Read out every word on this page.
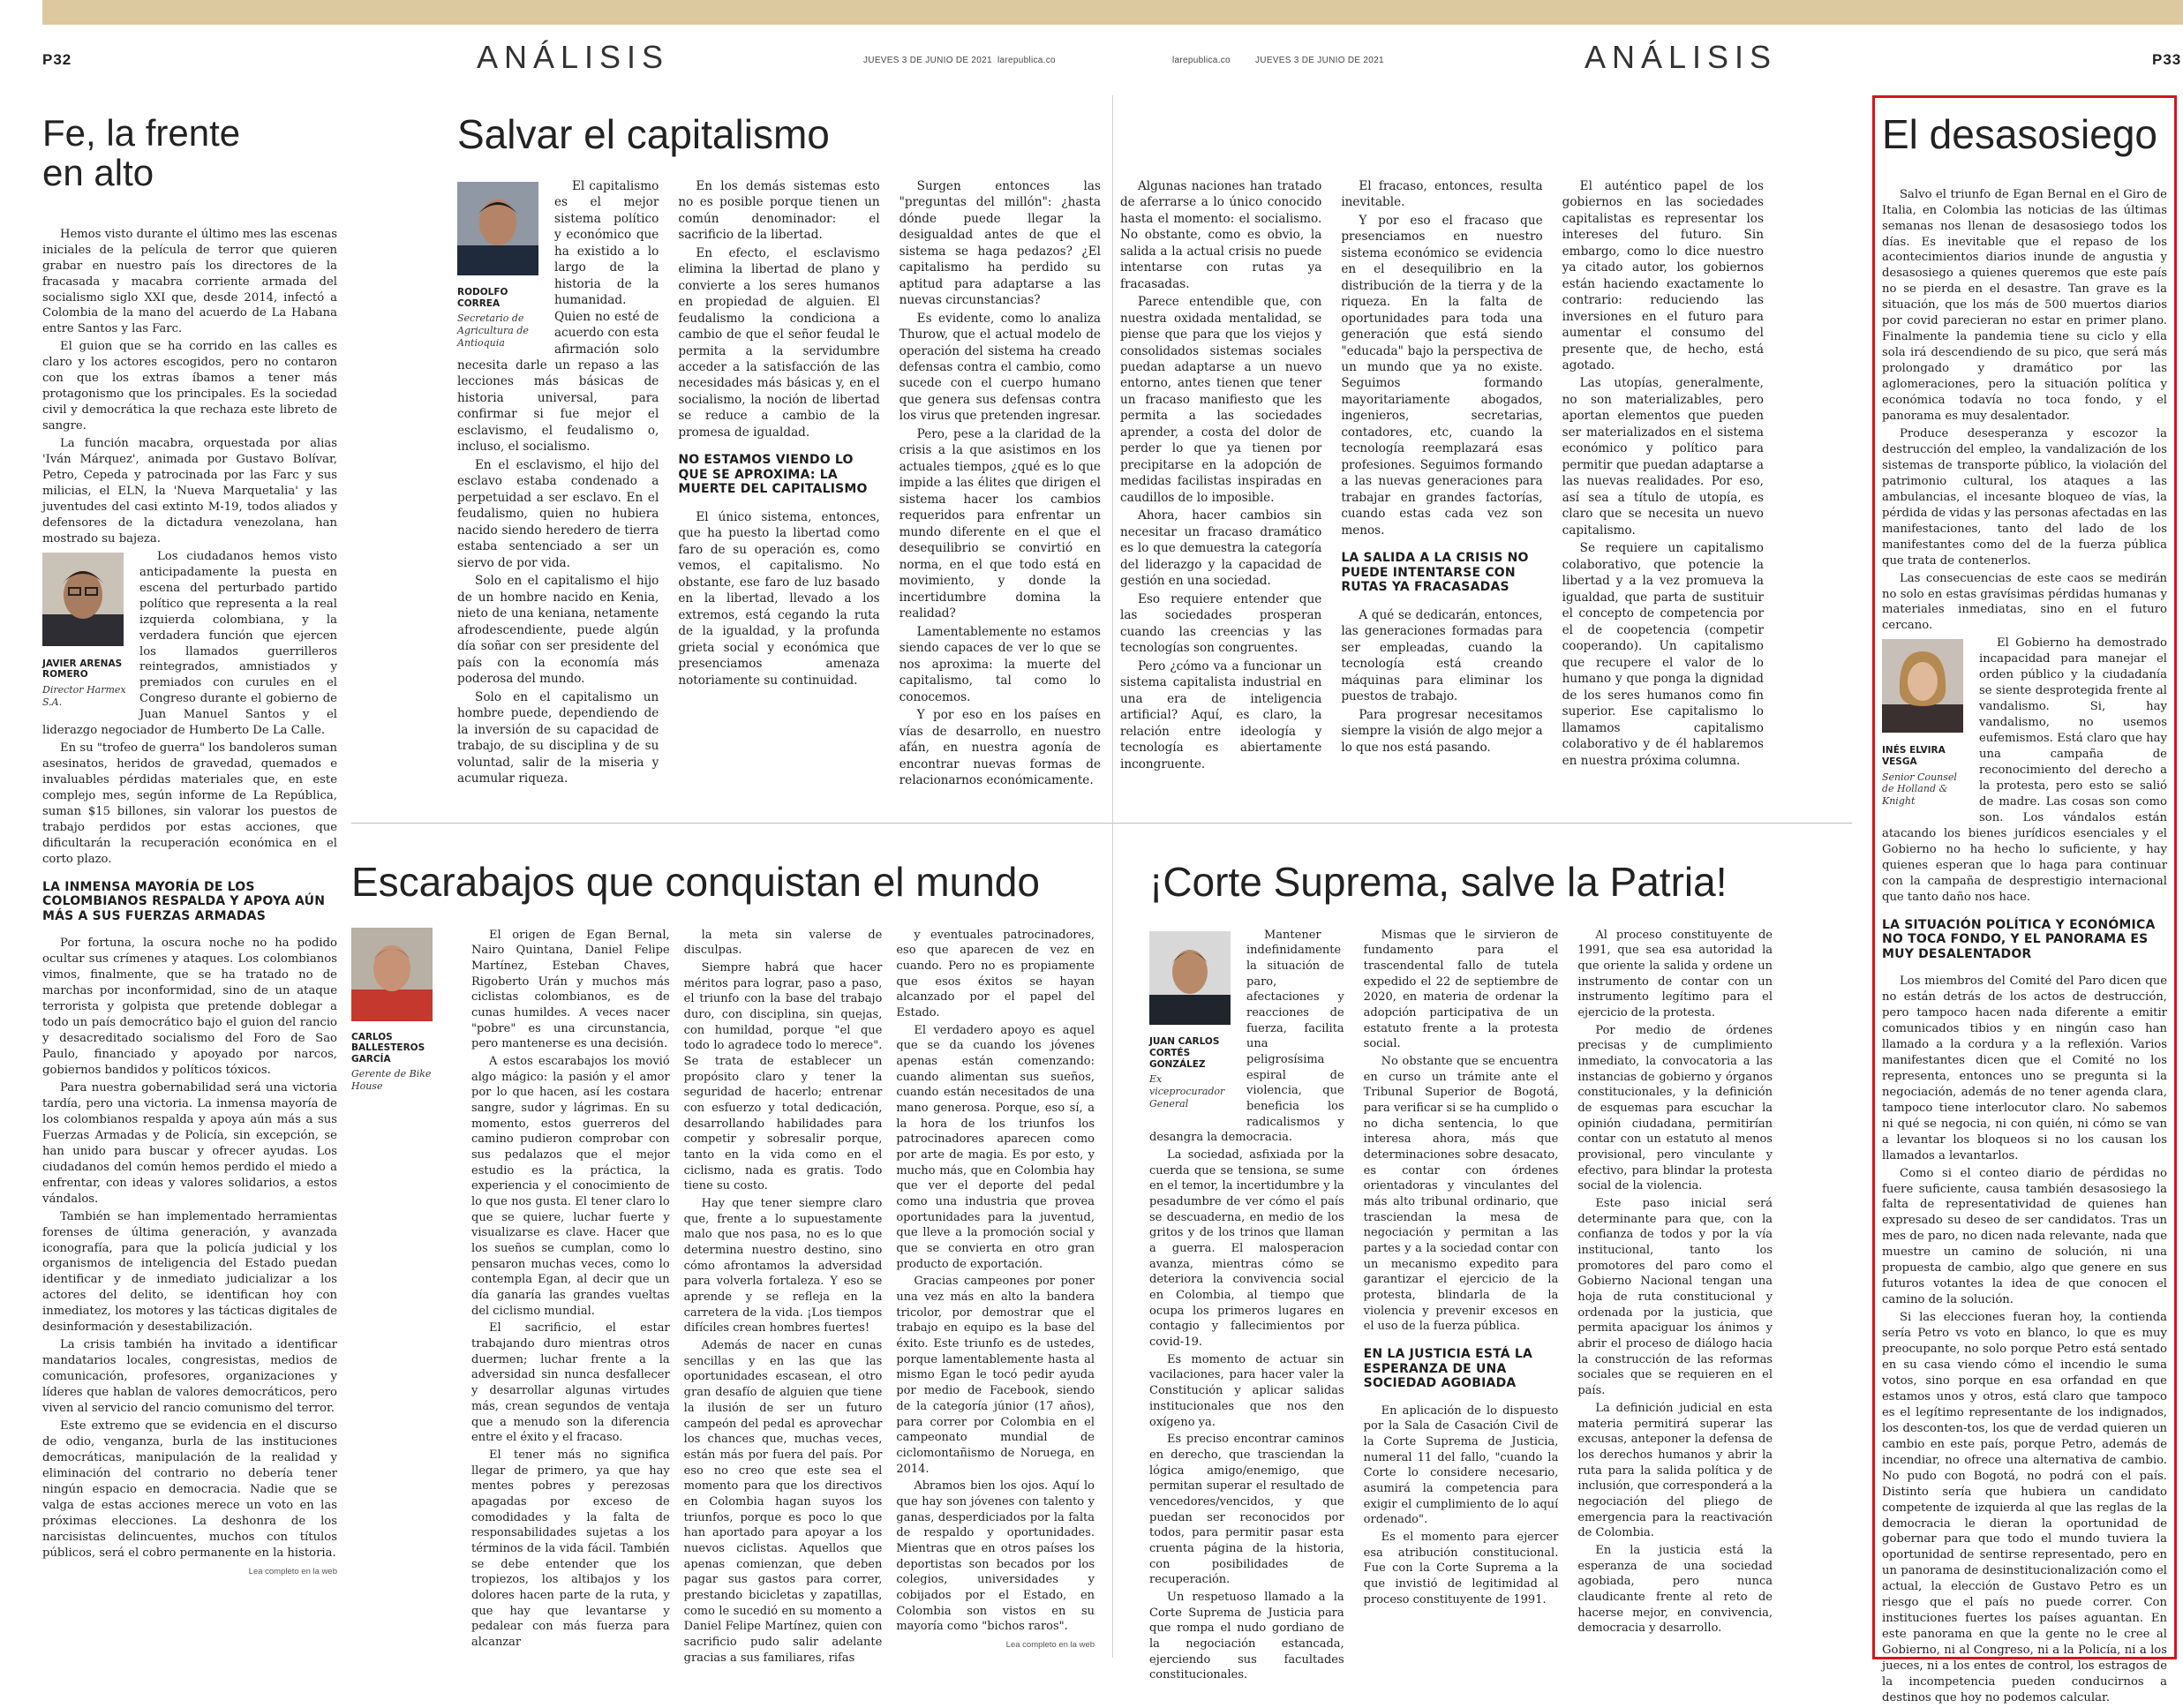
P32	ANÁLISIS	JUEVES 3 DE JUNIO DE 2021 larepublica.co	larepublica.co	JUEVES 3 DE JUNIO DE 2021	ANÁLISIS	P33
Fe, la frente en alto

Hemos visto durante el último mes las escenas iniciales de la película de terror que quieren grabar en nuestro país los directores de la fracasada y macabra corriente armada del socialismo siglo XXI que, desde 2014, infectó a Colombia de la mano del acuerdo de La Habana entre Santos y las Farc.

El guion que se ha corrido en las calles es claro y los actores escogidos, pero no contaron con que los extras íbamos a tener más protagonismo que los principales. Es la sociedad civil y democrática la que rechaza este libreto de sangre.

La función macabra, orquestada por alias 'Iván Márquez', animada por Gustavo Bolívar, Petro, Cepeda y patrocinada por las Farc y sus milicias, el ELN, la 'Nueva Marquetalia' y las juventudes del casi extinto M-19, todos aliados y defensores de la dictadura venezolana, han mostrado su bajeza.

JAVIER ARENAS ROMERO
Director Harmex S.A.

Los ciudadanos hemos visto anticipadamente la puesta en escena del perturbado partido político que representa a la real izquierda colombiana, y la verdadera función que ejercen los llamados guerrilleros reintegrados, amnistiados y premiados con curules en el Congreso durante el gobierno de Juan Manuel Santos y el liderazgo negociador de Humberto De La Calle.

En su "trofeo de guerra" los bandoleros suman asesinatos, heridos de gravedad, quemados e invaluables pérdidas materiales que, en este complejo mes, según informe de La República, suman $15 billones, sin valorar los puestos de trabajo perdidos por estas acciones, que dificultarán la recuperación económica en el corto plazo.

LA INMENSA MAYORÍA DE LOS COLOMBIANOS RESPALDA Y APOYA AÚN MÁS A SUS FUERZAS ARMADAS

Por fortuna, la oscura noche no ha podido ocultar sus crímenes y ataques. Los colombianos vimos, finalmente, que se ha tratado no de marchas por inconformidad, sino de un ataque terrorista y golpista que pretende doblegar a todo un país democrático bajo el guion del rancio y desacreditado socialismo del Foro de Sao Paulo, financiado y apoyado por narcos, gobiernos bandidos y políticos tóxicos.

Para nuestra gobernabilidad será una victoria tardía, pero una victoria. La inmensa mayoría de los colombianos respalda y apoya aún más a sus Fuerzas Armadas y de Policía, sin excepción, se han unido para buscar y ofrecer ayudas. Los ciudadanos del común hemos perdido el miedo a enfrentar, con ideas y valores solidarios, a estos vándalos.

También se han implementado herramientas forenses de última generación, y avanzada iconografía, para que la policía judicial y los organismos de inteligencia del Estado puedan identificar y de inmediato judicializar a los actores del delito, se identifican hoy con inmediatez, los motores y las tácticas digitales de desinformación y desestabilización.

La crisis también ha invitado a identificar mandatarios locales, congresistas, medios de comunicación, profesores, organizaciones y líderes que hablan de valores democráticos, pero viven al servicio del rancio comunismo del terror.

Este extremo que se evidencia en el discurso de odio, venganza, burla de las instituciones democráticas, manipulación de la realidad y eliminación del contrario no debería tener ningún espacio en democracia. Nadie que se valga de estas acciones merece un voto en las próximas elecciones. La deshonra de los narcisistas delincuentes, muchos con títulos públicos, será el cobro permanente en la historia.

Lea completo en la web
Salvar el capitalismo
RODOLFO CORREA
Secretario de Agricultura de Antioquia

El capitalismo es el mejor sistema político y económico que ha existido a lo largo de la historia de la humanidad. Quien no esté de acuerdo con esta afirmación solo necesita darle un repaso a las lecciones más básicas de historia universal, para confirmar si fue mejor el esclavismo, el feudalismo o, incluso, el socialismo.

En el esclavismo, el hijo del esclavo estaba condenado a perpetuidad a ser esclavo. En el feudalismo, quien no hubiera nacido siendo heredero de tierra estaba sentenciado a ser un siervo de por vida.

Solo en el capitalismo el hijo de un hombre nacido en Kenia, nieto de una keniana, netamente afrodescendiente, puede algún día soñar con ser presidente del país con la economía más poderosa del mundo.

Solo en el capitalismo un hombre puede, dependiendo de la inversión de su capacidad de trabajo, de su disciplina y de su voluntad, salir de la miseria y acumular riqueza.

En los demás sistemas esto no es posible porque tienen un común denominador: el sacrificio de la libertad.

En efecto, el esclavismo elimina la libertad de plano y convierte a los seres humanos en propiedad de alguien. El feudalismo la condiciona a cambio de que el señor feudal le permita a la servidumbre acceder a la satisfacción de las necesidades más básicas y, en el socialismo, la noción de libertad se reduce a cambio de la promesa de igualdad.

NO ESTAMOS VIENDO LO QUE SE APROXIMA: LA MUERTE DEL CAPITALISMO

El único sistema, entonces, que ha puesto la libertad como faro de su operación es, como vemos, el capitalismo. No obstante, ese faro de luz basado en la libertad, llevado a los extremos, está cegando la ruta de la igualdad, y la profunda grieta social y económica que presenciamos amenaza notoriamente su continuidad.

Surgen entonces las "preguntas del millón": ¿hasta dónde puede llegar la desigualdad antes de que el sistema se haga pedazos? ¿El capitalismo ha perdido su aptitud para adaptarse a las nuevas circunstancias?

Es evidente, como lo analiza Thurow, que el actual modelo de operación del sistema ha creado defensas contra el cambio, como sucede con el cuerpo humano que genera sus defensas contra los virus que pretenden ingresar.

Pero, pese a la claridad de la crisis a la que asistimos en los actuales tiempos, ¿qué es lo que impide a las élites que dirigen el sistema hacer los cambios requeridos para enfrentar un mundo diferente en el que el desequilibrio se convirtió en norma, en el que todo está en movimiento, y donde la incertidumbre domina la realidad?

Lamentablemente no estamos siendo capaces de ver lo que se nos aproxima: la muerte del capitalismo, tal como lo conocemos.

Y por eso en los países en vías de desarrollo, en nuestro afán, en nuestra agonía de encontrar nuevas formas de relacionarnos económicamente.

Algunas naciones han tratado de aferrarse a lo único conocido hasta el momento: el socialismo. No obstante, como es obvio, la salida a la actual crisis no puede intentarse con rutas ya fracasadas.

Parece entendible que, con nuestra oxidada mentalidad, se piense que para que los viejos y consolidados sistemas sociales puedan adaptarse a un nuevo entorno, antes tienen que tener un fracaso manifiesto que les permita a las sociedades aprender, a costa del dolor de perder lo que ya tienen por precipitarse en la adopción de medidas facilistas inspiradas en caudillos de lo imposible.

Ahora, hacer cambios sin necesitar un fracaso dramático es lo que demuestra la categoría del liderazgo y la capacidad de gestión en una sociedad.

Eso requiere entender que las sociedades prosperan cuando las creencias y las tecnologías son congruentes.

Pero ¿cómo va a funcionar un sistema capitalista industrial en una era de inteligencia artificial? Aquí, es claro, la relación entre ideología y tecnología es abiertamente incongruente.

El fracaso, entonces, resulta inevitable.

Y por eso el fracaso que presenciamos en nuestro sistema económico se evidencia en el desequilibrio en la distribución de la tierra y de la riqueza. En la falta de oportunidades para toda una generación que está siendo "educada" bajo la perspectiva de un mundo que ya no existe. Seguimos formando mayoritariamente abogados, ingenieros, secretarias, contadores, etc, cuando la tecnología reemplazará esas profesiones. Seguimos formando a las nuevas generaciones para trabajar en grandes factorías, cuando estas cada vez son menos.

LA SALIDA A LA CRISIS NO PUEDE INTENTARSE CON RUTAS YA FRACASADAS

A qué se dedicarán, entonces, las generaciones formadas para ser empleadas, cuando la tecnología está creando máquinas para eliminar los puestos de trabajo.

Para progresar necesitamos siempre la visión de algo mejor a lo que nos está pasando.

El auténtico papel de los gobiernos en las sociedades capitalistas es representar los intereses del futuro. Sin embargo, como lo dice nuestro ya citado autor, los gobiernos están haciendo exactamente lo contrario: reduciendo las inversiones en el futuro para aumentar el consumo del presente que, de hecho, está agotado.

Las utopías, generalmente, no son materializables, pero aportan elementos que pueden ser materializados en el sistema económico y político para permitir que puedan adaptarse a las nuevas realidades. Por eso, así sea a título de utopía, es claro que se necesita un nuevo capitalismo.

Se requiere un capitalismo colaborativo, que potencie la libertad y a la vez promueva la igualdad, que parta de sustituir el concepto de competencia por el de coopetencia (competir cooperando). Un capitalismo que recupere el valor de lo humano y que ponga la dignidad de los seres humanos como fin superior. Ese capitalismo lo llamamos capitalismo colaborativo y de él hablaremos en nuestra próxima columna.

Escarabajos que conquistan el mundo
CARLOS BALLESTEROS GARCÍA
Gerente de Bike House

El origen de Egan Bernal, Nairo Quintana, Daniel Felipe Martínez, Esteban Chaves, Rigoberto Urán y muchos más ciclistas colombianos, es de cunas humildes. A veces nacer "pobre" es una circunstancia, pero mantenerse es una decisión.

A estos escarabajos los movió algo mágico: la pasión y el amor por lo que hacen, así les costara sangre, sudor y lágrimas. En su momento, estos guerreros del camino pudieron comprobar con sus pedalazos que el mejor estudio es la práctica, la experiencia y el conocimiento de lo que nos gusta. El tener claro lo que se quiere, luchar fuerte y visualizarse es clave. Hacer que los sueños se cumplan, como lo pensaron muchas veces, como lo contempla Egan, al decir que un día ganaría las grandes vueltas del ciclismo mundial.

El sacrificio, el estar trabajando duro mientras otros duermen; luchar frente a la adversidad sin nunca desfallecer y desarrollar algunas virtudes más, crean segundos de ventaja que a menudo son la diferencia entre el éxito y el fracaso.

El tener más no significa llegar de primero, ya que hay mentes pobres y perezosas apagadas por exceso de comodidades y la falta de responsabilidades sujetas a los términos de la vida fácil. También se debe entender que los tropiezos, los altibajos y los dolores hacen parte de la ruta, y que hay que levantarse y pedalear con más fuerza para alcanzar

la meta sin valerse de disculpas.

Siempre habrá que hacer méritos para lograr, paso a paso, el triunfo con la base del trabajo duro, con disciplina, sin quejas, con humildad, porque "el que todo lo agradece todo lo merece". Se trata de establecer un propósito claro y tener la seguridad de hacerlo; entrenar con esfuerzo y total dedicación, desarrollando habilidades para competir y sobresalir porque, tanto en la vida como en el ciclismo, nada es gratis. Todo tiene su costo.

Hay que tener siempre claro que, frente a lo supuestamente malo que nos pasa, no es lo que determina nuestro destino, sino cómo afrontamos la adversidad para volverla fortaleza. Y eso se aprende y se refleja en la carretera de la vida. ¡Los tiempos difíciles crean hombres fuertes!

Además de nacer en cunas sencillas y en las que las oportunidades escasean, el otro gran desafío de alguien que tiene la ilusión de ser un futuro campeón del pedal es aprovechar los chances que, muchas veces, están más por fuera del país. Por eso no creo que este sea el momento para que los directivos en Colombia hagan suyos los triunfos, porque es poco lo que han aportado para apoyar a los nuevos ciclistas. Aquellos que apenas comienzan, que deben pagar sus gastos para correr, prestando bicicletas y zapatillas, como le sucedió en su momento a Daniel Felipe Martínez, quien con sacrificio pudo salir adelante gracias a sus familiares, rifas

y eventuales patrocinadores, eso que aparecen de vez en cuando. Pero no es propiamente que esos éxitos se hayan alcanzado por el papel del Estado.

El verdadero apoyo es aquel que se da cuando los jóvenes apenas están comenzando: cuando alimentan sus sueños, cuando están necesitados de una mano generosa. Porque, eso sí, a la hora de los triunfos los patrocinadores aparecen como por arte de magia. Es por esto, y mucho más, que en Colombia hay que ver el deporte del pedal como una industria que provea oportunidades para la juventud, que lleve a la promoción social y que se convierta en otro gran producto de exportación.

Gracias campeones por poner una vez más en alto la bandera tricolor, por demostrar que el trabajo en equipo es la base del éxito. Este triunfo es de ustedes, porque lamentablemente hasta al mismo Egan le tocó pedir ayuda por medio de Facebook, siendo de la categoría júnior (17 años), para correr por Colombia en el campeonato mundial de ciclomontañismo de Noruega, en 2014.

Abramos bien los ojos. Aquí lo que hay son jóvenes con talento y ganas, desperdiciados por la falta de respaldo y oportunidades. Mientras que en otros países los deportistas son becados por los colegios, universidades y cobijados por el Estado, en Colombia son vistos en su mayoría como "bichos raros".

Lea completo en la web
¡Corte Suprema, salve la Patria!
JUAN CARLOS CORTÉS GONZÁLEZ
Ex viceprocurador General

Mantener indefinidamente la situación de paro, afectaciones y reacciones de fuerza, facilita una peligrosísima espiral de violencia, que beneficia los radicalismos y desangra la democracia.

La sociedad, asfixiada por la cuerda que se tensiona, se sume en el temor, la incertidumbre y la pesadumbre de ver cómo el país se descuaderna, en medio de los gritos y de los trinos que llaman a guerra. El malosperacion avanza, mientras cómo se deteriora la convivencia social en Colombia, al tiempo que ocupa los primeros lugares en contagio y fallecimientos por covid-19.

Es momento de actuar sin vacilaciones, para hacer valer la Constitución y aplicar salidas institucionales que nos den oxígeno ya.

Es preciso encontrar caminos en derecho, que trasciendan la lógica amigo/enemigo, que permitan superar el resultado de vencedores/vencidos, y que puedan ser reconocidos por todos, para permitir pasar esta cruenta página de la historia, con posibilidades de recuperación.

Un respetuoso llamado a la Corte Suprema de Justicia para que rompa el nudo gordiano de la negociación estancada, ejerciendo sus facultades constitucionales.

Mismas que le sirvieron de fundamento para el trascendental fallo de tutela expedido el 22 de septiembre de 2020, en materia de ordenar la adopción participativa de un estatuto frente a la protesta social.

No obstante que se encuentra en curso un trámite ante el Tribunal Superior de Bogotá, para verificar si se ha cumplido o no dicha sentencia, lo que interesa ahora, más que determinaciones sobre desacato, es contar con órdenes orientadoras y vinculantes del más alto tribunal ordinario, que trasciendan la mesa de negociación y permitan a las partes y a la sociedad contar con un mecanismo expedito para garantizar el ejercicio de la protesta, blindarla de la violencia y prevenir excesos en el uso de la fuerza pública.

EN LA JUSTICIA ESTÁ LA ESPERANZA DE UNA SOCIEDAD AGOBIADA

En aplicación de lo dispuesto por la Sala de Casación Civil de la Corte Suprema de Justicia, numeral 11 del fallo, "cuando la Corte lo considere necesario, asumirá la competencia para exigir el cumplimiento de lo aquí ordenado".

Es el momento para ejercer esa atribución constitucional. Fue con la Corte Suprema a la que invistió de legitimidad al proceso constituyente de 1991.

Al proceso constituyente de 1991, que sea esa autoridad la que oriente la salida y ordene un instrumento de contar con un instrumento legítimo para el ejercicio de la protesta.

Por medio de órdenes precisas y de cumplimiento inmediato, la convocatoria a las instancias de gobierno y órganos constitucionales, y la definición de esquemas para escuchar la opinión ciudadana, permitirían contar con un estatuto al menos provisional, pero vinculante y efectivo, para blindar la protesta social de la violencia.

Este paso inicial será determinante para que, con la confianza de todos y por la vía institucional, tanto los promotores del paro como el Gobierno Nacional tengan una hoja de ruta constitucional y ordenada por la justicia, que permita apaciguar los ánimos y abrir el proceso de diálogo hacia la construcción de las reformas sociales que se requieren en el país.

La definición judicial en esta materia permitirá superar las excusas, anteponer la defensa de los derechos humanos y abrir la ruta para la salida política y de inclusión, que corresponderá a la negociación del pliego de emergencia para la reactivación de Colombia.

En la justicia está la esperanza de una sociedad agobiada, pero nunca claudicante frente al reto de hacerse mejor, en convivencia, democracia y desarrollo.

El desasosiego

Salvo el triunfo de Egan Bernal en el Giro de Italia, en Colombia las noticias de las últimas semanas nos llenan de desasosiego todos los días. Es inevitable que el repaso de los acontecimientos diarios inunde de angustia y desasosiego a quienes queremos que este país no se pierda en el desastre. Tan grave es la situación, que los más de 500 muertos diarios por covid parecieran no estar en primer plano. Finalmente la pandemia tiene su ciclo y ella sola irá descendiendo de su pico, que será más prolongado y dramático por las aglomeraciones, pero la situación política y económica todavía no toca fondo, y el panorama es muy desalentador.

Produce desesperanza y escozor la destrucción del empleo, la vandalización de los sistemas de transporte público, la violación del patrimonio cultural, los ataques a las ambulancias, el incesante bloqueo de vías, la pérdida de vidas y las personas afectadas en las manifestaciones, tanto del lado de los manifestantes como del de la fuerza pública que trata de contenerlos.

Las consecuencias de este caos se medirán no solo en estas gravísimas pérdidas humanas y materiales inmediatas, sino en el futuro cercano.

INÉS ELVIRA VESGA
Senior Counsel de Holland & Knight

El Gobierno ha demostrado incapacidad para manejar el orden público y la ciudadanía se siente desprotegida frente al vandalismo. Si, hay vandalismo, no usemos eufemismos. Está claro que hay una campaña de reconocimiento del derecho a la protesta, pero esto se salió de madre. Las cosas son como son. Los vándalos están atacando los bienes jurídicos esenciales y el Gobierno no ha hecho lo suficiente, y hay quienes esperan que lo haga para continuar con la campaña de desprestigio internacional que tanto daño nos hace.

LA SITUACIÓN POLÍTICA Y ECONÓMICA NO TOCA FONDO, Y EL PANORAMA ES MUY DESALENTADOR

Los miembros del Comité del Paro dicen que no están detrás de los actos de destrucción, pero tampoco hacen nada diferente a emitir comunicados tibios y en ningún caso han llamado a la cordura y a la reflexión. Varios manifestantes dicen que el Comité no los representa, entonces uno se pregunta si la negociación, además de no tener agenda clara, tampoco tiene interlocutor claro. No sabemos ni qué se negocia, ni con quién, ni cómo se van a levantar los bloqueos si no los causan los llamados a levantarlos.

Como si el conteo diario de pérdidas no fuere suficiente, causa también desasosiego la falta de representatividad de quienes han expresado su deseo de ser candidatos. Tras un mes de paro, no dicen nada relevante, nada que muestre un camino de solución, ni una propuesta de cambio, algo que genere en sus futuros votantes la idea de que conocen el camino de la solución.

Si las elecciones fueran hoy, la contienda sería Petro vs voto en blanco, lo que es muy preocupante, no solo porque Petro está sentado en su casa viendo cómo el incendio le suma votos, sino porque en esa orfandad en que estamos unos y otros, está claro que tampoco es el legítimo representante de los indignados, los desconten-tos, los que de verdad quieren un cambio en este país, porque Petro, además de incendiar, no ofrece una alternativa de cambio. No pudo con Bogotá, no podrá con el país. Distinto sería que hubiera un candidato competente de izquierda al que las reglas de la democracia le dieran la oportunidad de gobernar para que todo el mundo tuviera la oportunidad de sentirse representado, pero en un panorama de desinstitucionalización como el actual, la elección de Gustavo Petro es un riesgo que el país no puede correr. Con instituciones fuertes los países aguantan. En este panorama en que la gente no le cree al Gobierno, ni al Congreso, ni a la Policía, ni a los jueces, ni a los entes de control, los estragos de la incompetencia pueden conducirnos a destinos que hoy no podemos calcular.
